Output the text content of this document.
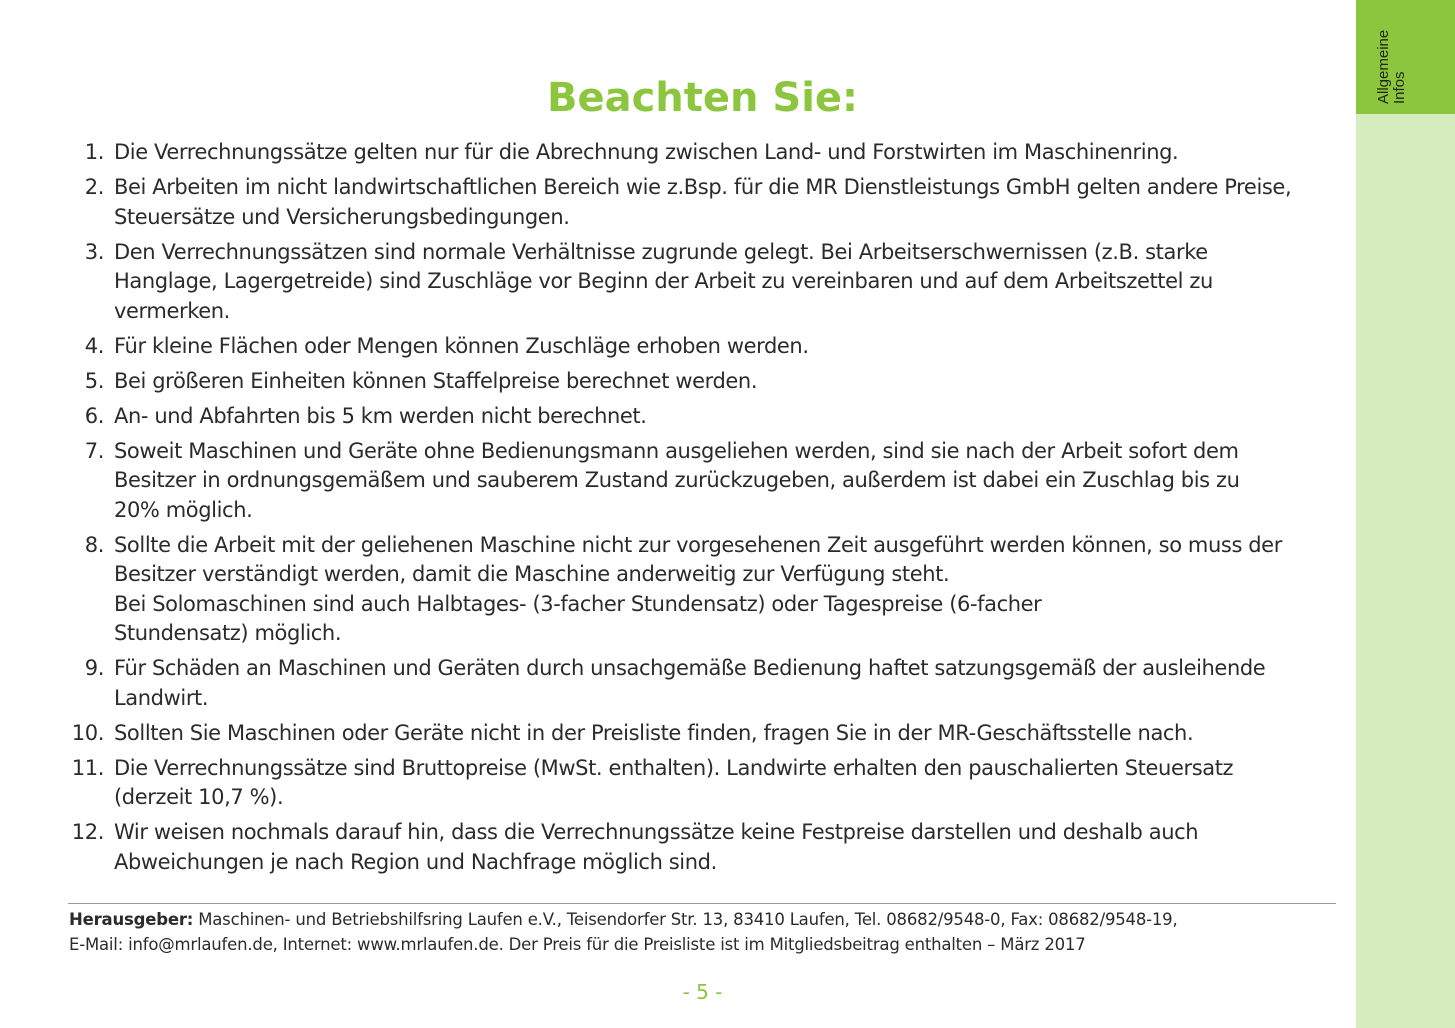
Allgemeine Infos
Beachten Sie:
1. Die Verrechnungssätze gelten nur für die Abrechnung zwischen Land- und Forstwirten im Maschinenring.
2. Bei Arbeiten im nicht landwirtschaftlichen Bereich wie z.Bsp. für die MR Dienstleistungs GmbH gelten andere Preise, Steuersätze und Versicherungsbedingungen.
3. Den Verrechnungssätzen sind normale Verhältnisse zugrunde gelegt. Bei Arbeitserschwernissen (z.B. starke Hanglage, Lagergetreide) sind Zuschläge vor Beginn der Arbeit zu vereinbaren und auf dem Arbeitszettel zu vermerken.
4. Für kleine Flächen oder Mengen können Zuschläge erhoben werden.
5. Bei größeren Einheiten können Staffelpreise berechnet werden.
6. An- und Abfahrten bis 5 km werden nicht berechnet.
7. Soweit Maschinen und Geräte ohne Bedienungsmann ausgeliehen werden, sind sie nach der Arbeit sofort dem Besitzer in ordnungsgemäßem und sauberem Zustand zurückzugeben, außerdem ist dabei ein Zuschlag bis zu 20% möglich.
8. Sollte die Arbeit mit der geliehenen Maschine nicht zur vorgesehenen Zeit ausgeführt werden können, so muss der Besitzer verständigt werden, damit die Maschine anderweitig zur Verfügung steht.
Bei Solomaschinen sind auch Halbtages- (3-facher Stundensatz) oder Tagespreise (6-facher Stundensatz) möglich.
9. Für Schäden an Maschinen und Geräten durch unsachgemäße Bedienung haftet satzungsgemäß der ausleihende Landwirt.
10. Sollten Sie Maschinen oder Geräte nicht in der Preisliste finden, fragen Sie in der MR-Geschäftsstelle nach.
11. Die Verrechnungssätze sind Bruttopreise (MwSt. enthalten). Landwirte erhalten den pauschalierten Steuersatz (derzeit 10,7 %).
12. Wir weisen nochmals darauf hin, dass die Verrechnungssätze keine Festpreise darstellen und deshalb auch Abweichungen je nach Region und Nachfrage möglich sind.
Herausgeber: Maschinen- und Betriebshilfsring Laufen e.V., Teisendorfer Str. 13, 83410 Laufen, Tel. 08682/9548-0, Fax: 08682/9548-19,
E-Mail: info@mrlaufen.de, Internet: www.mrlaufen.de. Der Preis für die Preisliste ist im Mitgliedsbeitrag enthalten – März 2017
- 5 -
